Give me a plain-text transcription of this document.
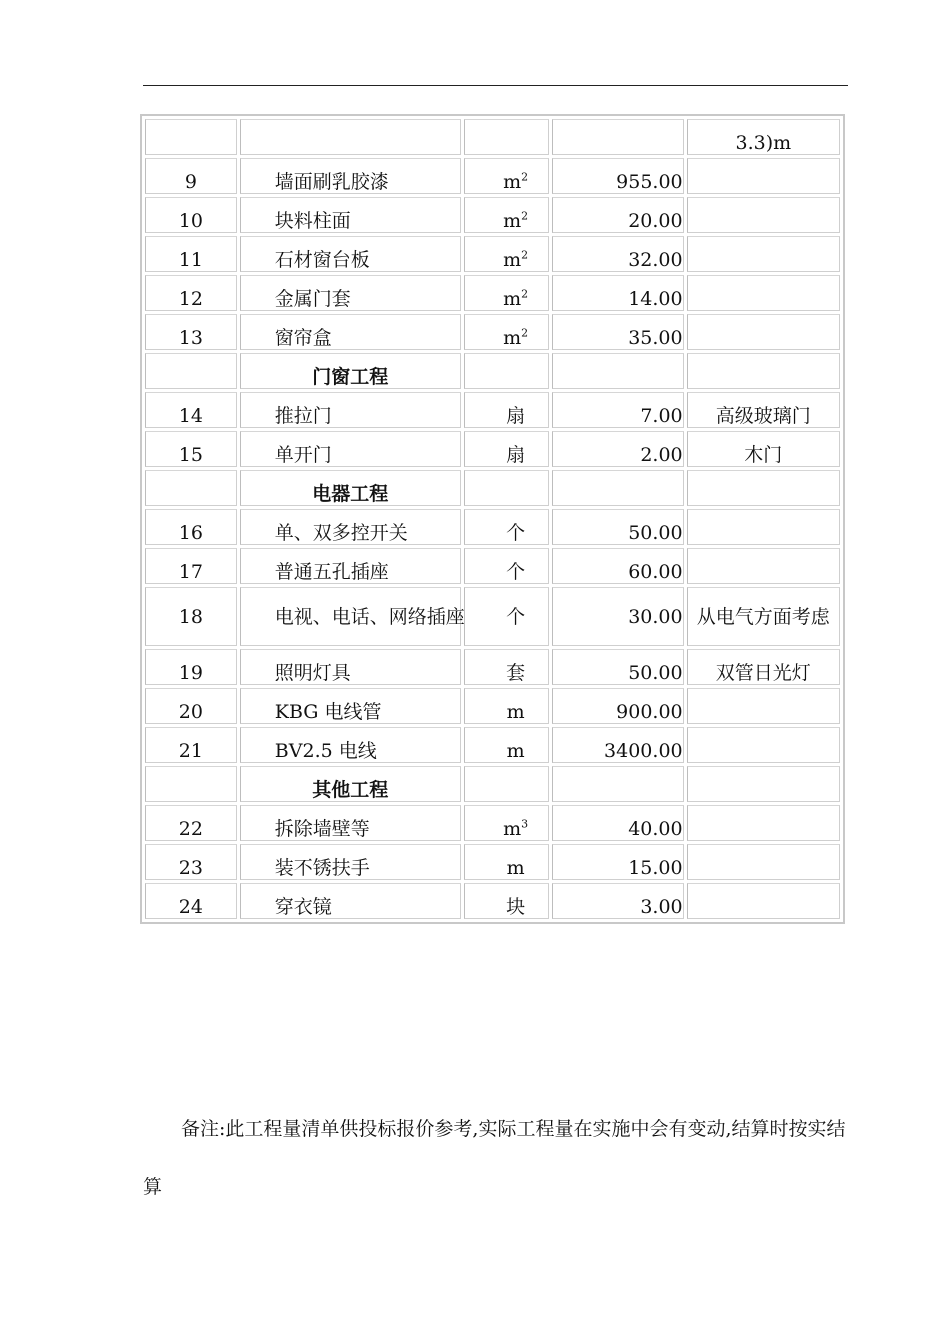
				3.3)m
9	墙面刷乳胶漆	$m^2$	955.00	
10	块料柱面	$m^2$	20.00	
11	石材窗台板	$m^2$	32.00	
12	金属门套	$m^2$	14.00	
13	窗帘盒	$m^2$	35.00	
	门窗工程			
14	推拉门	扇	7.00	高级玻璃门
15	单开门	扇	2.00	木门
	电器工程			
16	单、双多控开关	个	50.00	
17	普通五孔插座	个	60.00	
18	电视、电话、网络插座	个	30.00	从电气方面考虑
19	照明灯具	套	50.00	双管日光灯
20	KBG 电线管	m	900.00	
21	BV2.5 电线	m	3400.00	
	其他工程			
22	拆除墙壁等	$m^3$	40.00	
23	装不锈扶手	m	15.00	
24	穿衣镜	块	3.00	
备注:此工程量清单供投标报价参考,实际工程量在实施中会有变动,结算时按实结算
